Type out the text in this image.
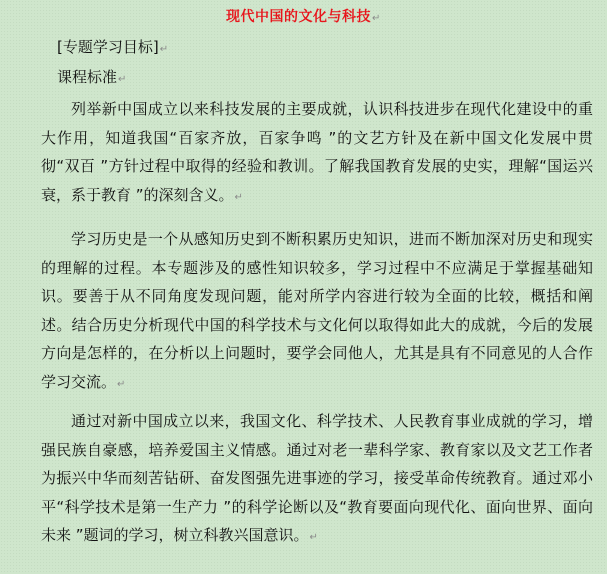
现代中国的文化与科技↵
[专题学习目标]↵
课程标准↵
列举新中国成立以来科技发展的主要成就，认识科技进步在现代化建设中的重大作用，知道我国“百家齐放，百家争鸣 ”的文艺方针及在新中国文化发展中贯彻“双百 ”方针过程中取得的经验和教训。了解我国教育发展的史实，理解“国运兴衰，系于教育 ”的深刻含义。↵
学习历史是一个从感知历史到不断积累历史知识，进而不断加深对历史和现实的理解的过程。本专题涉及的感性知识较多，学习过程中不应满足于掌握基础知识。要善于从不同角度发现问题，能对所学内容进行较为全面的比较，概括和阐述。结合历史分析现代中国的科学技术与文化何以取得如此大的成就，今后的发展方向是怎样的，在分析以上问题时，要学会同他人，尤其是具有不同意见的人合作学习交流。↵
通过对新中国成立以来，我国文化、科学技术、人民教育事业成就的学习，增强民族自豪感，培养爱国主义情感。通过对老一辈科学家、教育家以及文艺工作者为振兴中华而刻苦钻研、奋发图强先进事迹的学习，接受革命传统教育。通过邓小平“科学技术是第一生产力 ”的科学论断以及“教育要面向现代化、面向世界、面向未来 ”题词的学习，树立科教兴国意识。↵
